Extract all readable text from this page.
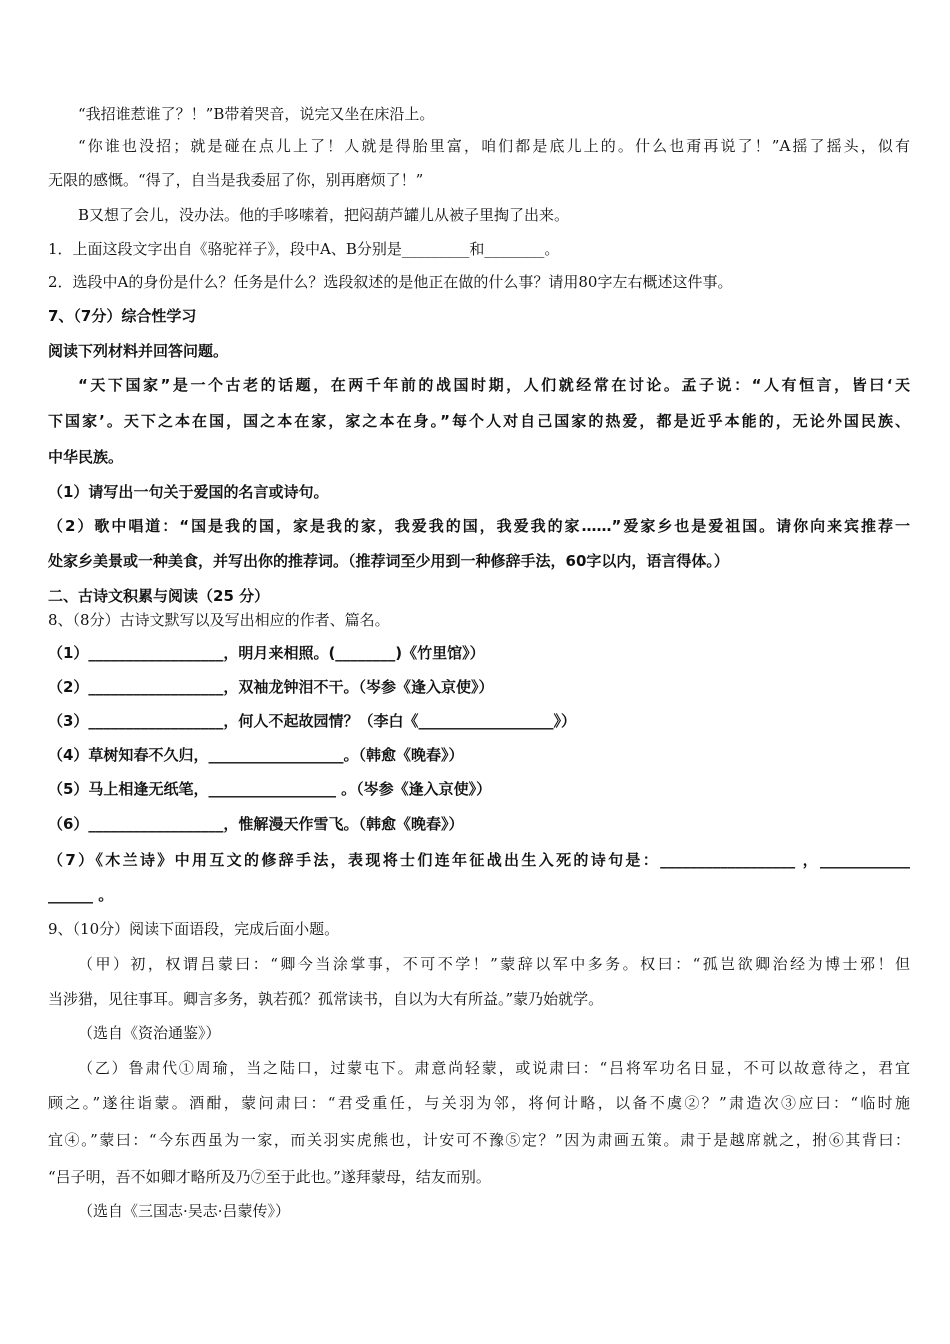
“我招谁惹谁了？！”B带着哭音，说完又坐在床沿上。
“你谁也没招；就是碰在点儿上了！人就是得胎里富，咱们都是底儿上的。什么也甭再说了！”A摇了摇头，似有
无限的感慨。“得了，自当是我委屈了你，别再磨烦了！”
B又想了会儿，没办法。他的手哆嗦着，把闷葫芦罐儿从被子里掏了出来。
1．上面这段文字出自《骆驼祥子》，段中A、B分别是_________和________。
2．选段中A的身份是什么？任务是什么？选段叙述的是他正在做的什么事？请用80字左右概述这件事。
7、（7分）综合性学习
阅读下列材料并回答问题。
“天下国家”是一个古老的话题，在两千年前的战国时期，人们就经常在讨论。孟子说：“人有恒言，皆曰‘天
下国家’。天下之本在国，国之本在家，家之本在身。”每个人对自己国家的热爱，都是近乎本能的，无论外国民族、
中华民族。
（1）请写出一句关于爱国的名言或诗句。
（2）歌中唱道：“国是我的国，家是我的家，我爱我的国，我爱我的家……”爱家乡也是爱祖国。请你向来宾推荐一
处家乡美景或一种美食，并写出你的推荐词。（推荐词至少用到一种修辞手法，60字以内，语言得体。）
二、古诗文积累与阅读（25 分）
8、（8分）古诗文默写以及写出相应的作者、篇名。
（1）__________________，明月来相照。(________)《竹里馆》）
（2）__________________，双袖龙钟泪不干。（岑参《逢入京使》）
（3）__________________，何人不起故园情？（李白《__________________》）
（4）草树知春不久归，__________________。（韩愈《晚春》）
（5）马上相逢无纸笔，_________________ 。（岑参《逢入京使》）
（6）__________________，惟解漫天作雪飞。（韩愈《晚春》）
（7）《木兰诗》中用互文的修辞手法，表现将士们连年征战出生入死的诗句是：__________________ ，____________
______ 。
9、（10分）阅读下面语段，完成后面小题。
（甲）初，权谓吕蒙曰：“卿今当涂掌事，不可不学！”蒙辞以军中多务。权曰：“孤岂欲卿治经为博士邪！但
当涉猎，见往事耳。卿言多务，孰若孤？孤常读书，自以为大有所益。”蒙乃始就学。
（选自《资治通鉴》）
（乙）鲁肃代①周瑜，当之陆口，过蒙屯下。肃意尚轻蒙，或说肃曰：“吕将军功名日显，不可以故意待之，君宜
顾之。”遂往诣蒙。酒酣，蒙问肃曰：“君受重任，与关羽为邻，将何计略，以备不虞②？”肃造次③应曰：“临时施
宜④。”蒙曰：“今东西虽为一家，而关羽实虎熊也，计安可不豫⑤定？”因为肃画五策。肃于是越席就之，拊⑥其背曰：
“吕子明，吾不如卿才略所及乃⑦至于此也。”遂拜蒙母，结友而别。
（选自《三国志·吴志·吕蒙传》）
